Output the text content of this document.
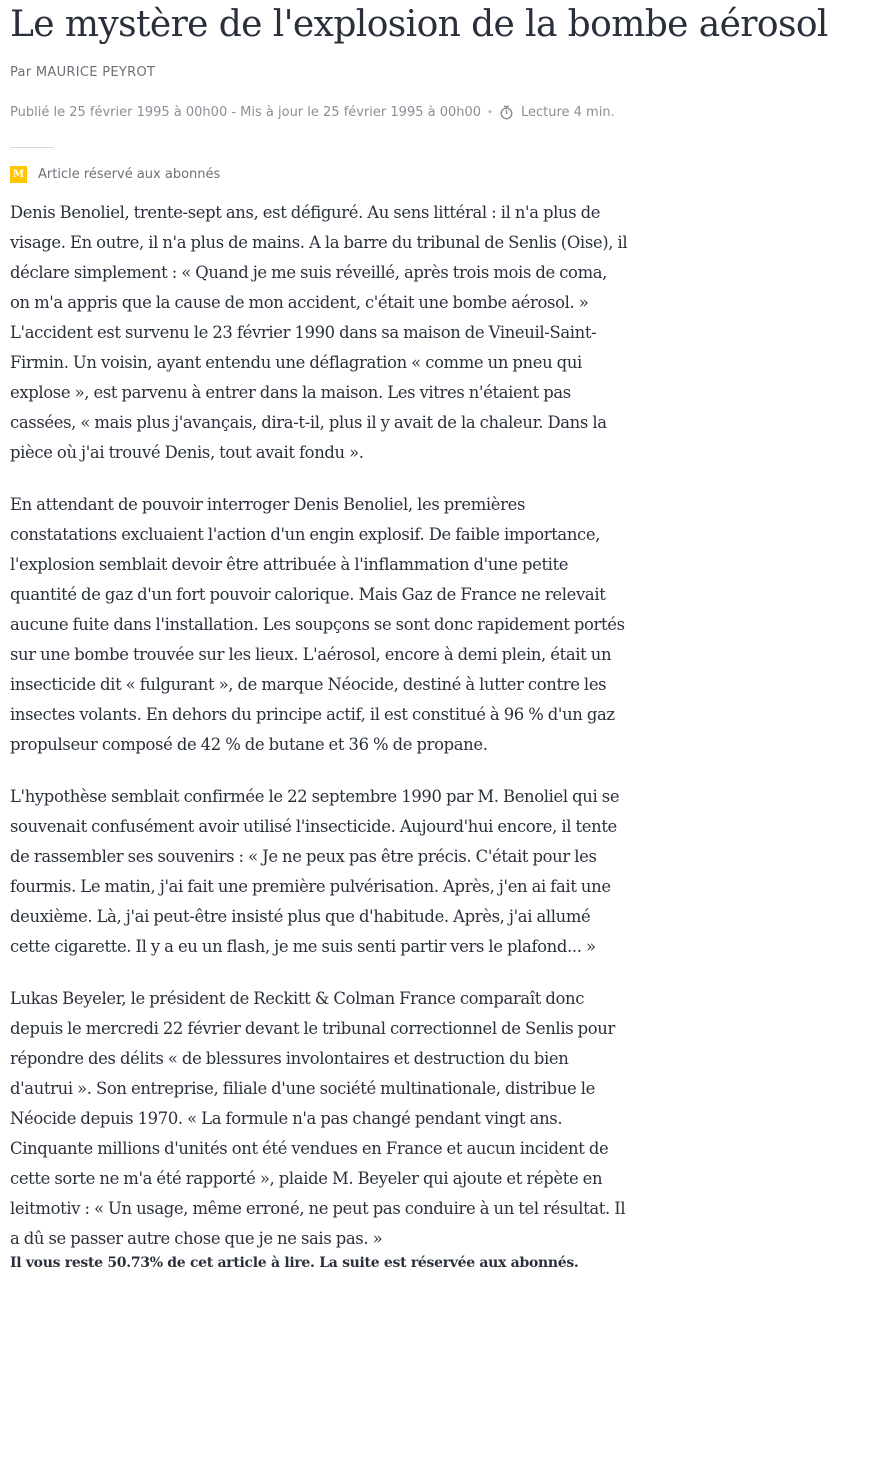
Le mystère de l'explosion de la bombe aérosol
Par MAURICE PEYROT
Publié le 25 février 1995 à 00h00 - Mis à jour le 25 février 1995 à 00h00 • Lecture 4 min.
M Article réservé aux abonnés

Denis Benoliel, trente-sept ans, est défiguré. Au sens littéral : il n'a plus de visage. En outre, il n'a plus de mains. A la barre du tribunal de Senlis (Oise), il déclare simplement : « Quand je me suis réveillé, après trois mois de coma, on m'a appris que la cause de mon accident, c'était une bombe aérosol. » L'accident est survenu le 23 février 1990 dans sa maison de Vineuil-Saint-Firmin. Un voisin, ayant entendu une déflagration « comme un pneu qui explose », est parvenu à entrer dans la maison. Les vitres n'étaient pas cassées, « mais plus j'avançais, dira-t-il, plus il y avait de la chaleur. Dans la pièce où j'ai trouvé Denis, tout avait fondu ».

En attendant de pouvoir interroger Denis Benoliel, les premières constatations excluaient l'action d'un engin explosif. De faible importance, l'explosion semblait devoir être attribuée à l'inflammation d'une petite quantité de gaz d'un fort pouvoir calorique. Mais Gaz de France ne relevait aucune fuite dans l'installation. Les soupçons se sont donc rapidement portés sur une bombe trouvée sur les lieux. L'aérosol, encore à demi plein, était un insecticide dit « fulgurant », de marque Néocide, destiné à lutter contre les insectes volants. En dehors du principe actif, il est constitué à 96 % d'un gaz propulseur composé de 42 % de butane et 36 % de propane.

L'hypothèse semblait confirmée le 22 septembre 1990 par M. Benoliel qui se souvenait confusément avoir utilisé l'insecticide. Aujourd'hui encore, il tente de rassembler ses souvenirs : « Je ne peux pas être précis. C'était pour les fourmis. Le matin, j'ai fait une première pulvérisation. Après, j'en ai fait une deuxième. Là, j'ai peut-être insisté plus que d'habitude. Après, j'ai allumé cette cigarette. Il y a eu un flash, je me suis senti partir vers le plafond... »

Lukas Beyeler, le président de Reckitt & Colman France comparaît donc depuis le mercredi 22 février devant le tribunal correctionnel de Senlis pour répondre des délits « de blessures involontaires et destruction du bien d'autrui ». Son entreprise, filiale d'une société multinationale, distribue le Néocide depuis 1970. « La formule n'a pas changé pendant vingt ans. Cinquante millions d'unités ont été vendues en France et aucun incident de cette sorte ne m'a été rapporté », plaide M. Beyeler qui ajoute et répète en leitmotiv : « Un usage, même erroné, ne peut pas conduire à un tel résultat. Il a dû se passer autre chose que je ne sais pas. »

Il vous reste 50.73% de cet article à lire. La suite est réservée aux abonnés.
